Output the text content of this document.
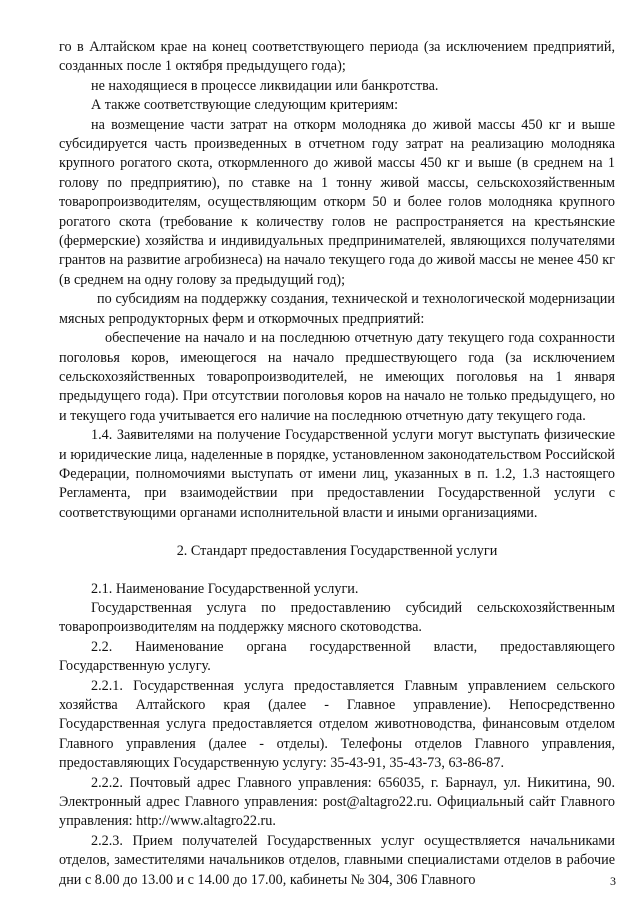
го в Алтайском крае на конец соответствующего периода (за исключением предприятий, созданных после 1 октября предыдущего года);

не находящиеся в процессе ликвидации или банкротства.

А также соответствующие следующим критериям:

на возмещение части затрат на откорм молодняка до живой массы 450 кг и выше субсидируется часть произведенных в отчетном году затрат на реализацию молодняка крупного рогатого скота, откормленного до живой массы 450 кг и выше (в среднем на 1 голову по предприятию), по ставке на 1 тонну живой массы, сельскохозяйственным товаропроизводителям, осуществляющим откорм 50 и более голов молодняка крупного рогатого скота (требование к количеству голов не распространяется на крестьянские (фермерские) хозяйства и индивидуальных предпринимателей, являющихся получателями грантов на развитие агробизнеса) на начало текущего года до живой массы не менее 450 кг (в среднем на одну голову за предыдущий год);

по субсидиям на поддержку создания, технической и технологической модернизации мясных репродукторных ферм и откормочных предприятий:

обеспечение на начало и на последнюю отчетную дату текущего года сохранности поголовья коров, имеющегося на начало предшествующего года (за исключением сельскохозяйственных товаропроизводителей, не имеющих поголовья на 1 января предыдущего года). При отсутствии поголовья коров на начало не только предыдущего, но и текущего года учитывается его наличие на последнюю отчетную дату текущего года.

1.4. Заявителями на получение Государственной услуги могут выступать физические и юридические лица, наделенные в порядке, установленном законодательством Российской Федерации, полномочиями выступать от имени лиц, указанных в п. 1.2, 1.3 настоящего Регламента, при взаимодействии при предоставлении Государственной услуги с соответствующими органами исполнительной власти и иными организациями.

2. Стандарт предоставления Государственной услуги

2.1. Наименование Государственной услуги.

Государственная услуга по предоставлению субсидий сельскохозяйственным товаропроизводителям на поддержку мясного скотоводства.

2.2. Наименование органа государственной власти, предоставляющего Государственную услугу.

2.2.1. Государственная услуга предоставляется Главным управлением сельского хозяйства Алтайского края (далее - Главное управление). Непосредственно Государственная услуга предоставляется отделом животноводства, финансовым отделом Главного управления (далее - отделы). Телефоны отделов Главного управления, предоставляющих Государственную услугу: 35-43-91, 35-43-73, 63-86-87.

2.2.2. Почтовый адрес Главного управления: 656035, г. Барнаул, ул. Никитина, 90. Электронный адрес Главного управления: post@altagro22.ru. Официальный сайт Главного управления: http://www.altagro22.ru.

2.2.3. Прием получателей Государственных услуг осуществляется начальниками отделов, заместителями начальников отделов, главными специалистами отделов в рабочие дни с 8.00 до 13.00 и с 14.00 до 17.00, кабинеты № 304, 306 Главного	3
